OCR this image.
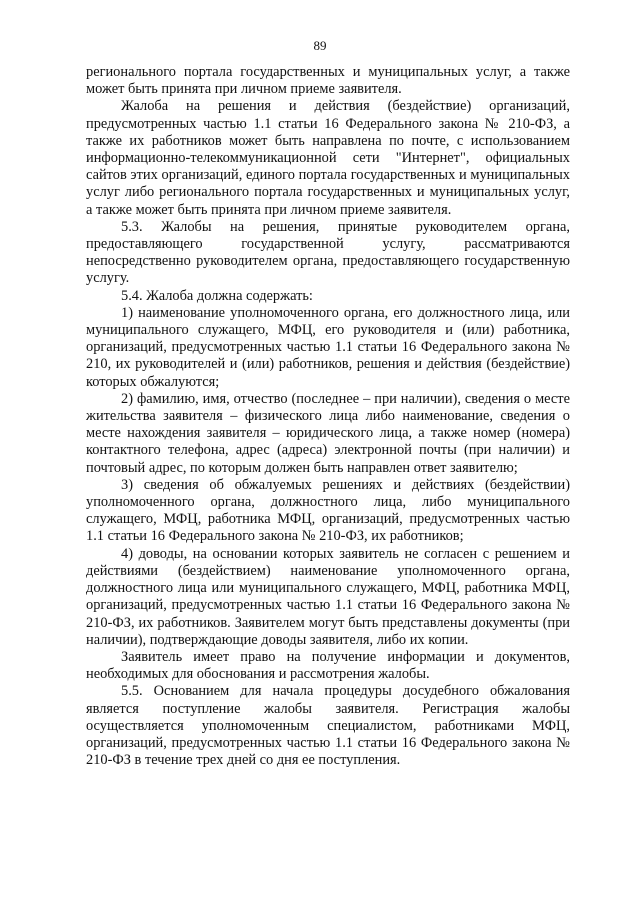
89

регионального портала государственных и муниципальных услуг, а также может быть принята при личном приеме заявителя.

Жалоба на решения и действия (бездействие) организаций, предусмотренных частью 1.1 статьи 16 Федерального закона № 210-ФЗ, а также их работников может быть направлена по почте, с использованием информационно-телекоммуникационной сети "Интернет", официальных сайтов этих организаций, единого портала государственных и муниципальных услуг либо регионального портала государственных и муниципальных услуг, а также может быть принята при личном приеме заявителя.

5.3. Жалобы на решения, принятые руководителем органа, предоставляющего государственной услугу, рассматриваются непосредственно руководителем органа, предоставляющего государственную услугу.

5.4. Жалоба должна содержать:

1) наименование уполномоченного органа, его должностного лица, или муниципального служащего, МФЦ, его руководителя и (или) работника, организаций, предусмотренных частью 1.1 статьи 16 Федерального закона № 210, их руководителей и (или) работников, решения и действия (бездействие) которых обжалуются;

2) фамилию, имя, отчество (последнее – при наличии), сведения о месте жительства заявителя – физического лица либо наименование, сведения о месте нахождения заявителя – юридического лица, а также номер (номера) контактного телефона, адрес (адреса) электронной почты (при наличии) и почтовый адрес, по которым должен быть направлен ответ заявителю;

3) сведения об обжалуемых решениях и действиях (бездействии) уполномоченного органа, должностного лица, либо муниципального служащего, МФЦ, работника МФЦ, организаций, предусмотренных частью 1.1 статьи 16 Федерального закона № 210-ФЗ, их работников;

4) доводы, на основании которых заявитель не согласен с решением и действиями (бездействием) наименование уполномоченного органа, должностного лица или муниципального служащего, МФЦ, работника МФЦ, организаций, предусмотренных частью 1.1 статьи 16 Федерального закона № 210-ФЗ, их работников. Заявителем могут быть представлены документы (при наличии), подтверждающие доводы заявителя, либо их копии.

Заявитель имеет право на получение информации и документов, необходимых для обоснования и рассмотрения жалобы.

5.5. Основанием для начала процедуры досудебного обжалования является поступление жалобы заявителя. Регистрация жалобы осуществляется уполномоченным специалистом, работниками МФЦ, организаций, предусмотренных частью 1.1 статьи 16 Федерального закона № 210-ФЗ в течение трех дней со дня ее поступления.
